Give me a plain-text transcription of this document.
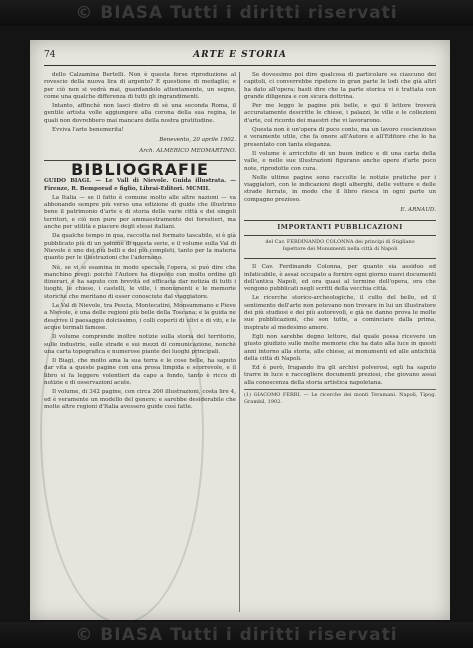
© BIASA Tutti i diritti riservati
74	ARTE E STORIA

dello Calzamina Bertelli. Non è questa forse riproduzione al rovescio della nuova lira di argento? È questione di medaglie; e per ciò non si vedrà mai, guardandolo attentamente, un segno, come una qualche differenza di tutti gli ingrandimenti.

Intanto, affinchè non lasci dietro di sè una seconda Roma, il gentile artista volle aggiungere alla corona della sua regina, le quali non dovrebbero mai mancare della nostra gratitudine.

Evviva l'arte benemerita!

Benevento, 20 aprile 1902.

Arch. ALMERICO MEOMARTINO.

BIBLIOGRAFIE

GUIDO BIAGI. — Le Vall di Nievole. Guida illustrata. — Firenze, R. Bemporad e figlio, Librai-Editori. MCMII.

La Italia — se il fatto è comune molto alle altre nazioni — va abbonando sempre più verso una edizione di guide che illustrino bene il patrimonio d'arte e di storia delle varie città e dei singoli territori, e ciò non pure per ammaestramento dei forestieri, ma anche per utilità e piacere degli stessi italiani.

Da qualche tempo in qua, raccolta nel formato tascabile, si è già pubblicato più di un volume di questa serie, e il volume sulla Val di Nievole è uno dei più belli e dei più completi, tanto per la materia quanto per le illustrazioni che l'adornano.

Nè, se vi si esamina in modo speciale l'opera, si può dire che manchino pregi: poichè l'Autore ha disposto con molto ordine gli itinerari, e ha saputo con brevità ed efficacia dar notizia di tutti i luoghi, le chiese, i castelli, le ville, i monumenti e le memorie storiche che meritano di esser conosciute dal viaggiatore.

La Val di Nievole, tra Pescia, Montecatini, Monsummano e Pieve a Nievole, è una delle regioni più belle della Toscana; e la guida ne descrive il paesaggio dolcissimo, i colli coperti di ulivi e di viti, e le acque termali famose.

Il volume comprende inoltre notizie sulla storia del territorio, sulle industrie, sulle strade e sui mezzi di comunicazione, nonchè una carta topografica e numerose piante dei luoghi principali.

Il Biagi, che molto ama la sua terra e le cose belle, ha saputo dar vita a queste pagine con una prosa limpida e scorrevole, e il libro si fa leggere volentieri da capo a fondo, tanto è ricco di notizie e di osservazioni acute.

Il volume, di 342 pagine, con circa 200 illustrazioni, costa lire 4, ed è veramente un modello del genere; e sarebbe desiderabile che molte altre regioni d'Italia avessero guide così fatte.

Se dovessimo poi dire qualcosa di particolare su ciascuno dei capitoli, ci converrebbe ripetere in gran parte le lodi che già altri ha dato all'opera; basti dire che la parte storica vi è trattata con grande diligenza e con sicura dottrina.

Per me leggo le pagine più belle, e qui il lettore troverà accuratamente descritte le chiese, i palazzi, le ville e le collezioni d'arte, col ricordo dei maestri che vi lavorarono.

Questa non è un'opera di poco conto, ma un lavoro coscienzioso e veramente utile, che fa onore all'Autore e all'Editore che lo ha presentato con tanta eleganza.

Il volume è arricchito di un buon indice e di una carta della valle, e nelle sue illustrazioni figurano anche opere d'arte poco note, riprodotte con cura.

Nelle ultime pagine sono raccolte le notizie pratiche per i viaggiatori, con le indicazioni degli alberghi, delle vetture e delle strade ferrate, in modo che il libro riesca in ogni parte un compagno prezioso.

E. ARNAUD.

IMPORTANTI PUBBLICAZIONI

del Cav. FERDINANDO COLONNA dei principi di Stigliano

Ispettore dei Monumenti nella città di Napoli

Il Cav. Ferdinando Colonna, per quanto sia assiduo ed infaticabile, è assai occupato a fornire ogni giorno nuovi documenti dell'antica Napoli, ed ora quasi al termine dell'opera, ora che vengono pubblicati negli scritti della vecchia città.

Le ricerche storico-archeologiche, il culto del bello, ed il sentimento dell'arte non potevano non trovare in lui un illustratore dei più studiosi e dei più autorevoli, e già ne danno prova le molte sue pubblicazioni, che son tutte, a cominciare dalla prima, inspirate al medesimo amore.

Egli non sarebbe degno lettore, dal quale possa ricevere un giusto giudizio sulle molte memorie che ha dato alla luce in questi anni intorno alla storia, alle chiese, ai monumenti ed alle antichità della città di Napoli.

Ed è però, frugando fra gli archivi polverosi, egli ha saputo trarre in luce e raccogliere documenti preziosi, che giovano assai alla conoscenza della storia artistica napoletana.

(1) GIACOMO FERRI. — Le ricerche dei monti Teramani. Napoli, Tipog. Grambil, 1902.

© BIASA Tutti i diritti riservati
